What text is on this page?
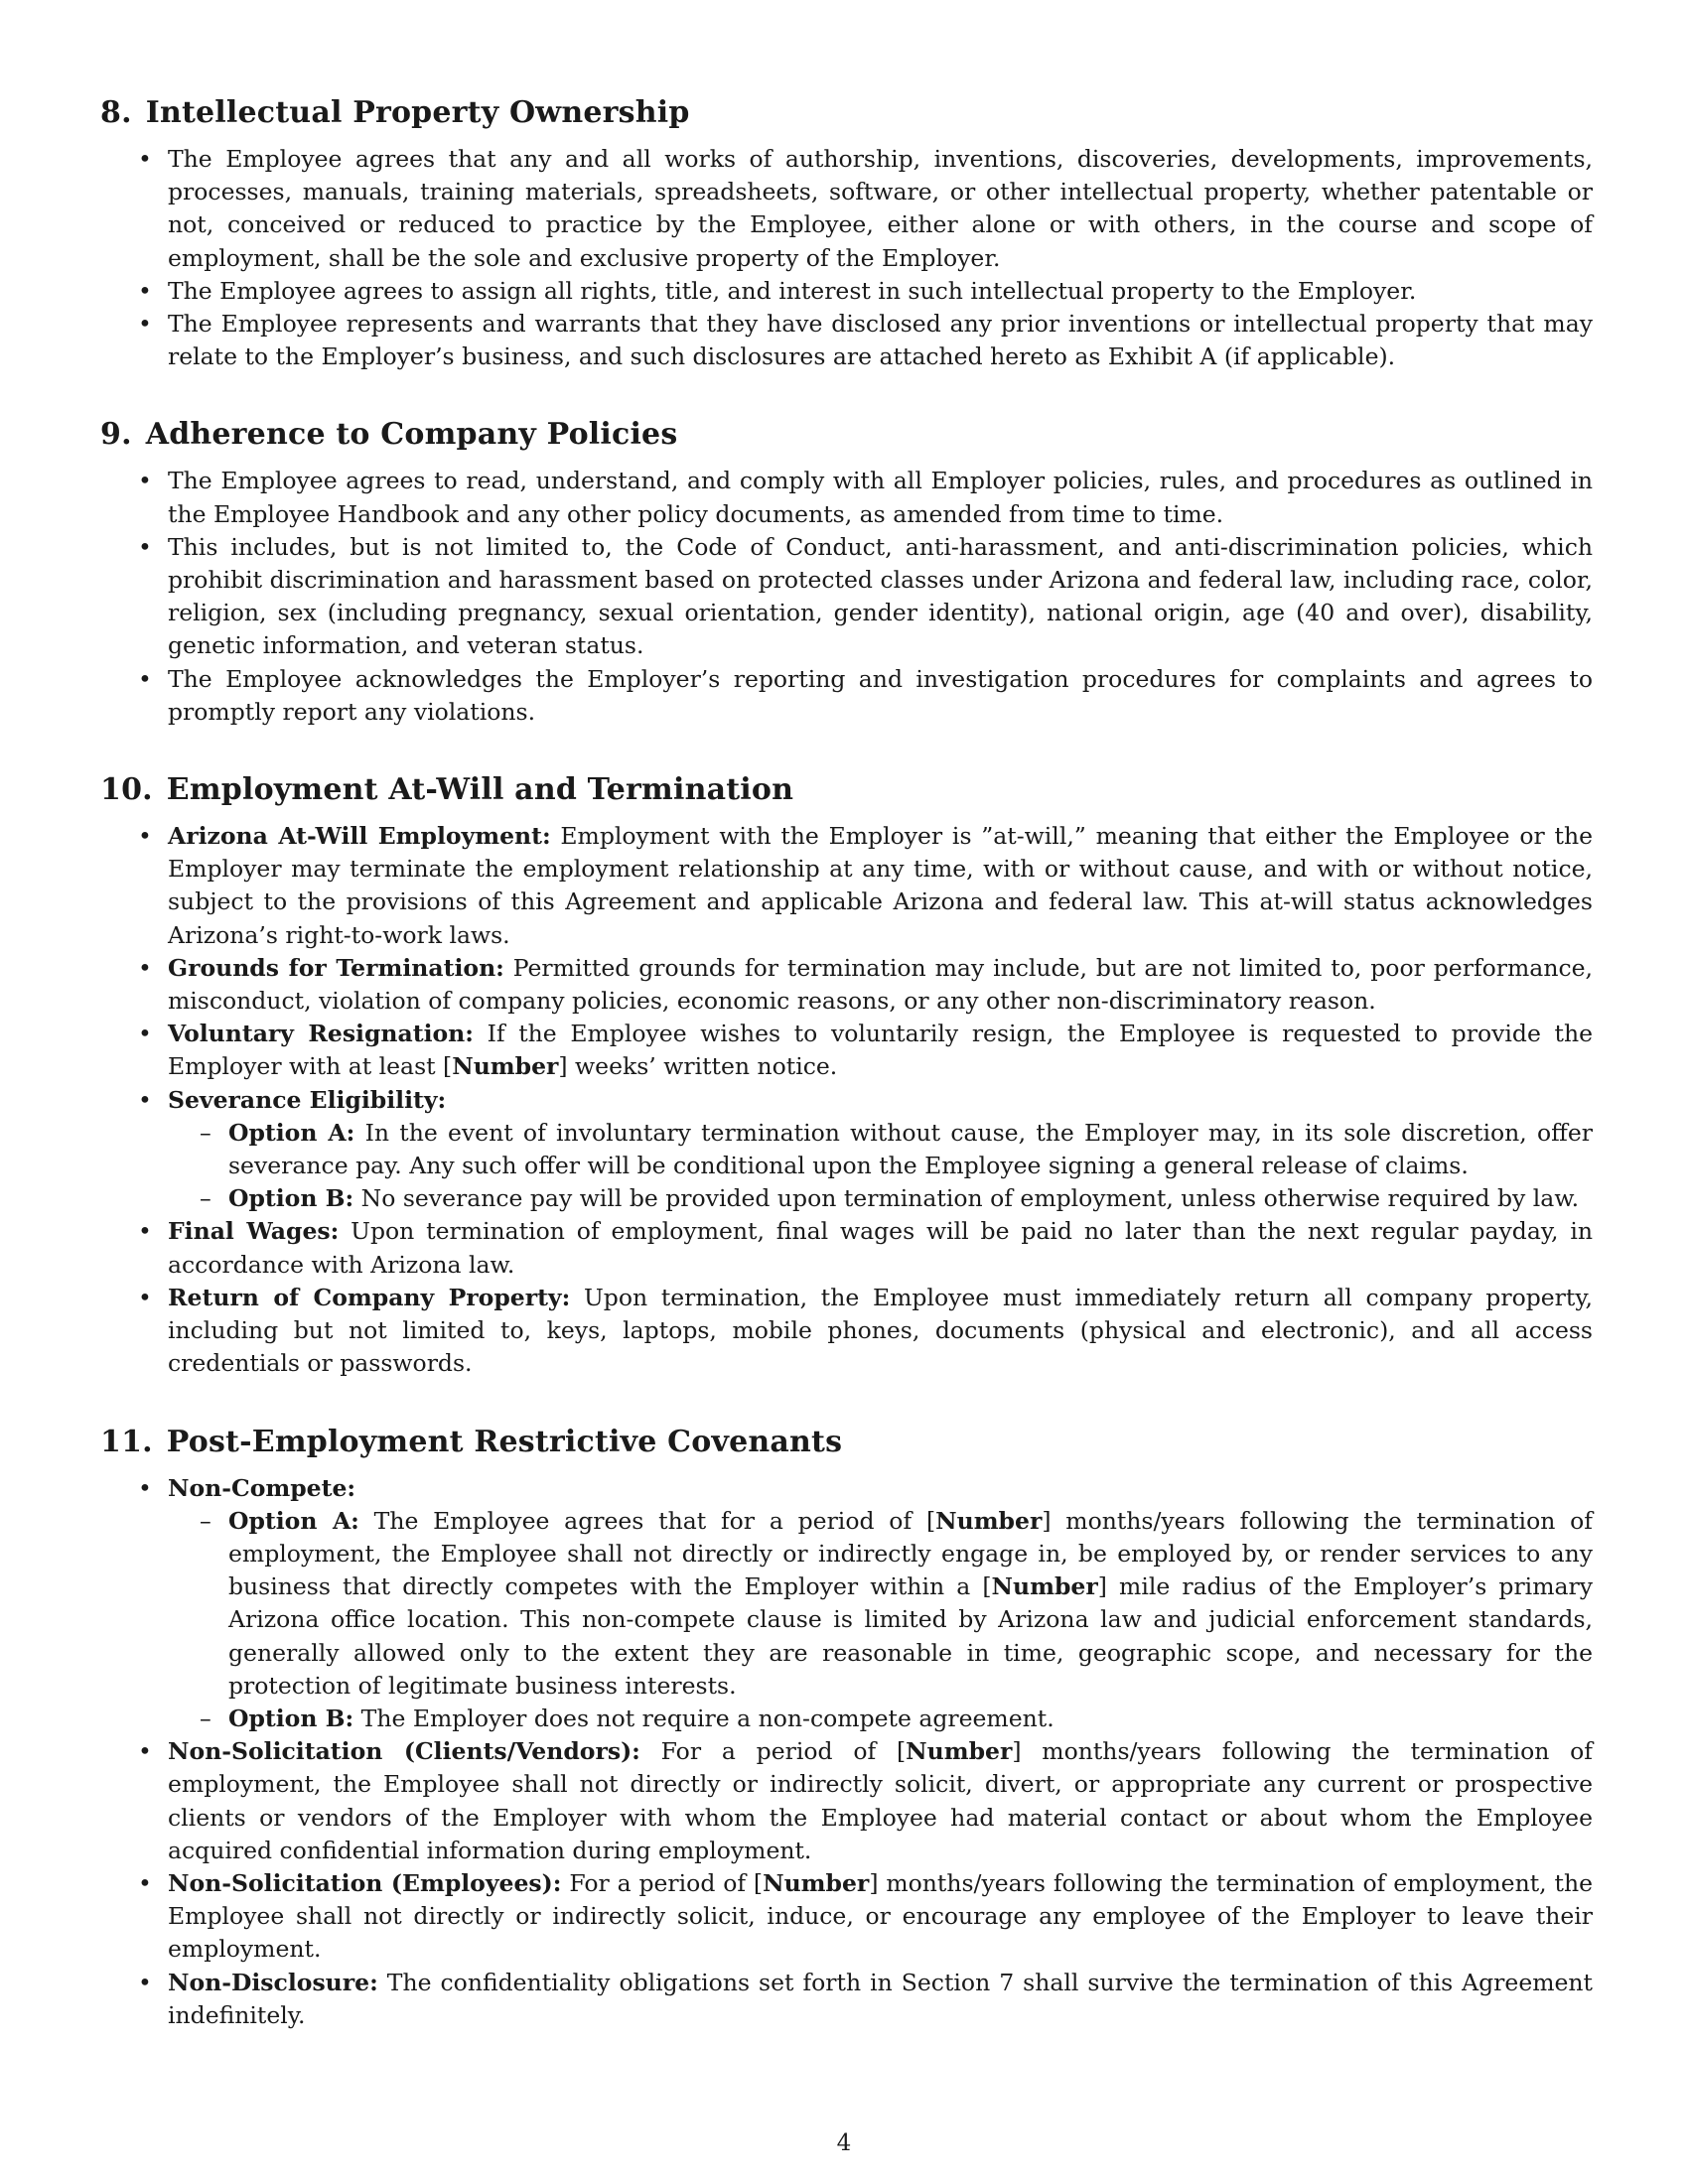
8. Intellectual Property Ownership
• The Employee agrees that any and all works of authorship, inventions, discoveries, developments, improvements, processes, manuals, training materials, spreadsheets, software, or other intellectual property, whether patentable or not, conceived or reduced to practice by the Employee, either alone or with others, in the course and scope of employment, shall be the sole and exclusive property of the Employer.
• The Employee agrees to assign all rights, title, and interest in such intellectual property to the Employer.
• The Employee represents and warrants that they have disclosed any prior inventions or intellectual property that may relate to the Employer’s business, and such disclosures are attached hereto as Exhibit A (if applicable).
9. Adherence to Company Policies
• The Employee agrees to read, understand, and comply with all Employer policies, rules, and procedures as outlined in the Employee Handbook and any other policy documents, as amended from time to time.
• This includes, but is not limited to, the Code of Conduct, anti-harassment, and anti-discrimination policies, which prohibit discrimination and harassment based on protected classes under Arizona and federal law, including race, color, religion, sex (including pregnancy, sexual orientation, gender identity), national origin, age (40 and over), disability, genetic information, and veteran status.
• The Employee acknowledges the Employer’s reporting and investigation procedures for complaints and agrees to promptly report any violations.
10. Employment At-Will and Termination
• Arizona At-Will Employment: Employment with the Employer is ”at-will,” meaning that either the Employee or the Employer may terminate the employment relationship at any time, with or without cause, and with or without notice, subject to the provisions of this Agreement and applicable Arizona and federal law. This at-will status acknowledges Arizona’s right-to-work laws.
• Grounds for Termination: Permitted grounds for termination may include, but are not limited to, poor performance, misconduct, violation of company policies, economic reasons, or any other non-discriminatory reason.
• Voluntary Resignation: If the Employee wishes to voluntarily resign, the Employee is requested to provide the Employer with at least [Number] weeks’ written notice.
• Severance Eligibility:
– Option A: In the event of involuntary termination without cause, the Employer may, in its sole discretion, offer severance pay. Any such offer will be conditional upon the Employee signing a general release of claims.
– Option B: No severance pay will be provided upon termination of employment, unless otherwise required by law.
• Final Wages: Upon termination of employment, final wages will be paid no later than the next regular payday, in accordance with Arizona law.
• Return of Company Property: Upon termination, the Employee must immediately return all company property, including but not limited to, keys, laptops, mobile phones, documents (physical and electronic), and all access credentials or passwords.
11. Post-Employment Restrictive Covenants
• Non-Compete:
– Option A: The Employee agrees that for a period of [Number] months/years following the termination of employment, the Employee shall not directly or indirectly engage in, be employed by, or render services to any business that directly competes with the Employer within a [Number] mile radius of the Employer’s primary Arizona office location. This non-compete clause is limited by Arizona law and judicial enforcement standards, generally allowed only to the extent they are reasonable in time, geographic scope, and necessary for the protection of legitimate business interests.
– Option B: The Employer does not require a non-compete agreement.
• Non-Solicitation (Clients/Vendors): For a period of [Number] months/years following the termination of employment, the Employee shall not directly or indirectly solicit, divert, or appropriate any current or prospective clients or vendors of the Employer with whom the Employee had material contact or about whom the Employee acquired confidential information during employment.
• Non-Solicitation (Employees): For a period of [Number] months/years following the termination of employment, the Employee shall not directly or indirectly solicit, induce, or encourage any employee of the Employer to leave their employment.
• Non-Disclosure: The confidentiality obligations set forth in Section 7 shall survive the termination of this Agreement indefinitely.
4
